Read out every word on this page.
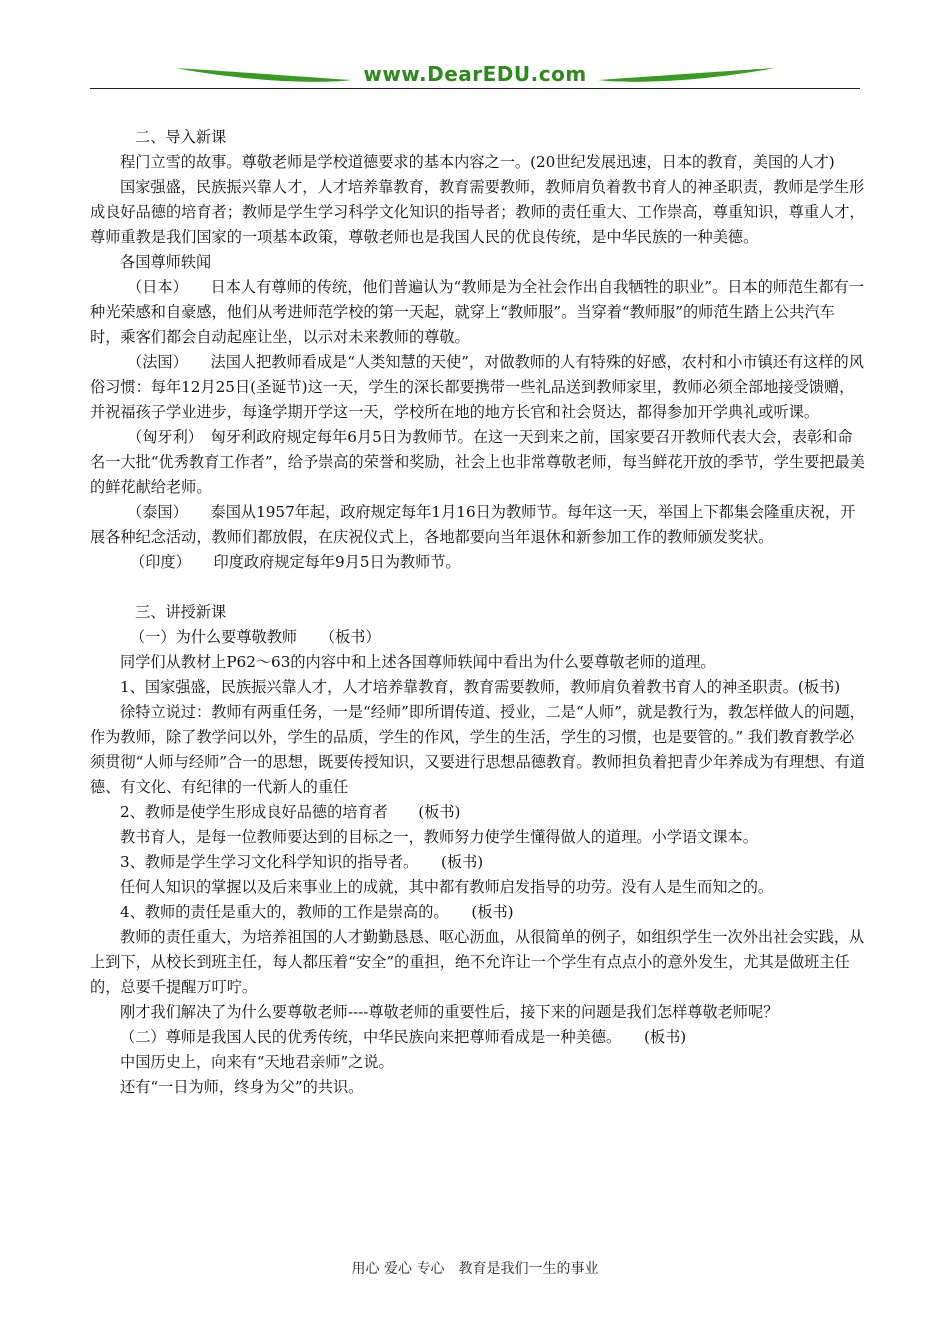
www.DearEDU.com

二、导入新课

程门立雪的故事。尊敬老师是学校道德要求的基本内容之一。(20世纪发展迅速，日本的教育，美国的人才)

国家强盛，民族振兴靠人才，人才培养靠教育，教育需要教师，教师肩负着教书育人的神圣职责，教师是学生形成良好品德的培育者；教师是学生学习科学文化知识的指导者；教师的责任重大、工作崇高，尊重知识，尊重人才，尊师重教是我们国家的一项基本政策，尊敬老师也是我国人民的优良传统，是中华民族的一种美德。

各国尊师轶闻

（日本）　　日本人有尊师的传统，他们普遍认为“教师是为全社会作出自我牺牲的职业”。日本的师范生都有一种光荣感和自豪感，他们从考进师范学校的第一天起，就穿上“教师服”。当穿着“教师服”的师范生踏上公共汽车时，乘客们都会自动起座让坐，以示对未来教师的尊敬。

（法国）　　法国人把教师看成是“人类知慧的天使”，对做教师的人有特殊的好感，农村和小市镇还有这样的风俗习惯：每年12月25日(圣诞节)这一天，学生的深长都要携带一些礼品送到教师家里，教师必须全部地接受馈赠，并祝福孩子学业进步，每逢学期开学这一天，学校所在地的地方长官和社会贤达，都得参加开学典礼或听课。

（匈牙利）　匈牙利政府规定每年6月5日为教师节。在这一天到来之前，国家要召开教师代表大会，表彰和命名一大批“优秀教育工作者”，给予崇高的荣誉和奖励，社会上也非常尊敬老师，每当鲜花开放的季节，学生要把最美的鲜花献给老师。

（泰国）　　泰国从1957年起，政府规定每年1月16日为教师节。每年这一天，举国上下都集会隆重庆祝，开展各种纪念活动，教师们都放假，在庆祝仪式上，各地都要向当年退休和新参加工作的教师颁发奖状。

（印度）　　印度政府规定每年9月5日为教师节。

三、讲授新课

（一）为什么要尊敬教师　　（板书）

同学们从教材上P62～63的内容中和上述各国尊师轶闻中看出为什么要尊敬老师的道理。

1、国家强盛，民族振兴靠人才，人才培养靠教育，教育需要教师，教师肩负着教书育人的神圣职责。(板书)

徐特立说过：教师有两重任务，一是“经师”即所谓传道、授业，二是“人师”，就是教行为，教怎样做人的问题，作为教师，除了教学问以外，学生的品质，学生的作风，学生的生活，学生的习惯，也是要管的。” 我们教育教学必须贯彻“人师与经师”合一的思想，既要传授知识，又要进行思想品德教育。教师担负着把青少年养成为有理想、有道德、有文化、有纪律的一代新人的重任

2、教师是使学生形成良好品德的培育者　　(板书)

教书育人，是每一位教师要达到的目标之一，教师努力使学生懂得做人的道理。小学语文课本。

3、教师是学生学习文化科学知识的指导者。　　(板书)

任何人知识的掌握以及后来事业上的成就，其中都有教师启发指导的功劳。没有人是生而知之的。

4、教师的责任是重大的，教师的工作是崇高的。　　(板书)

教师的责任重大，为培养祖国的人才勤勤恳恳、呕心沥血，从很简单的例子，如组织学生一次外出社会实践，从上到下，从校长到班主任，每人都压着“安全”的重担，绝不允许让一个学生有点点小的意外发生，尤其是做班主任的，总要千提醒万叮咛。

刚才我们解决了为什么要尊敬老师----尊敬老师的重要性后，接下来的问题是我们怎样尊敬老师呢？

（二）尊师是我国人民的优秀传统，中华民族向来把尊师看成是一种美德。　　(板书)

中国历史上，向来有“天地君亲师”之说。

还有“一日为师，终身为父”的共识。

用心 爱心 专心　教育是我们一生的事业
